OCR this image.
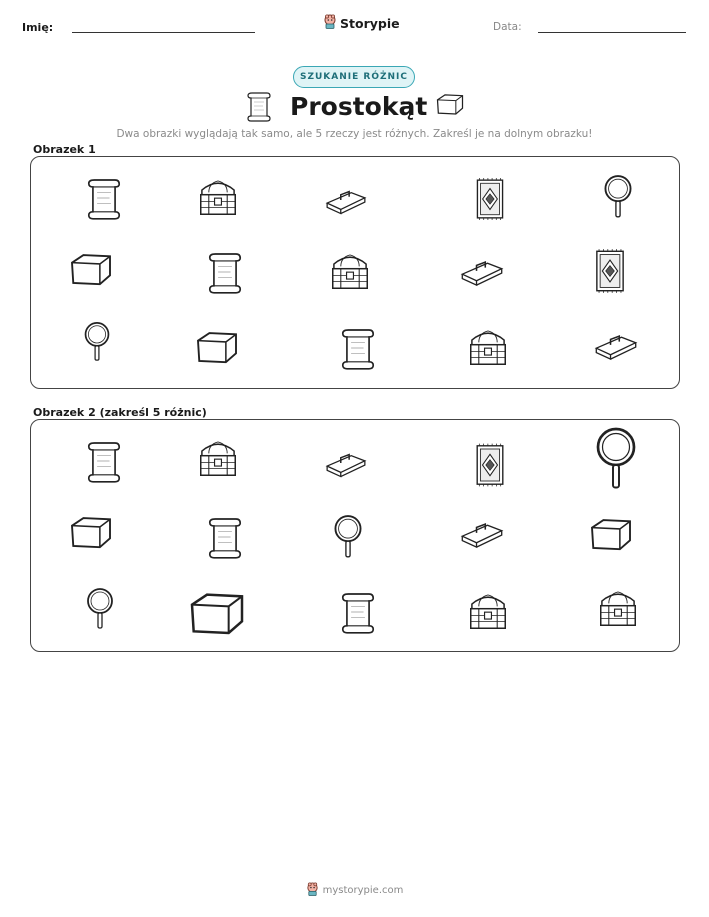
Imię:	Storypie	Data:
SZUKANIE RÓŻNIC
Prostokąt
Dwa obrazki wyglądają tak samo, ale 5 rzeczy jest różnych. Zakreśl je na dolnym obrazku!
Obrazek 1
Obrazek 2 (zakreśl 5 różnic)
mystorypie.com
